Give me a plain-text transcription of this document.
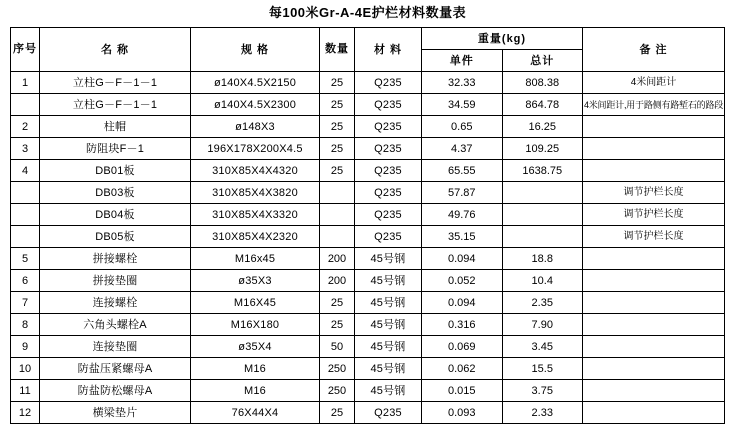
每100米Gr-A-4E护栏材料数量表
序号	名 称	规 格	数量	材 料	重量(kg)		备 注
					单件	总计	
1	立柱G－F－1－1	ø140X4.5X2150	25	Q235	32.33	808.38	4米间距计
	立柱G－F－1－1	ø140X4.5X2300	25	Q235	34.59	864.78	4米间距计,用于路侧有路堑石的路段
2	柱帽	ø148X3	25	Q235	0.65	16.25	
3	防阻块F－1	196X178X200X4.5	25	Q235	4.37	109.25	
4	DB01板	310X85X4X4320	25	Q235	65.55	1638.75	
	DB03板	310X85X4X3820		Q235	57.87		调节护栏长度
	DB04板	310X85X4X3320		Q235	49.76		调节护栏长度
	DB05板	310X85X4X2320		Q235	35.15		调节护栏长度
5	拼接螺栓	M16x45	200	45号钢	0.094	18.8	
6	拼接垫圈	ø35X3	200	45号钢	0.052	10.4	
7	连接螺栓	M16X45	25	45号钢	0.094	2.35	
8	六角头螺栓A	M16X180	25	45号钢	0.316	7.90	
9	连接垫圈	ø35X4	50	45号钢	0.069	3.45	
10	防盐压紧螺母A	M16	250	45号钢	0.062	15.5	
11	防盐防松螺母A	M16	250	45号钢	0.015	3.75	
12	横梁垫片	76X44X4	25	Q235	0.093	2.33	
